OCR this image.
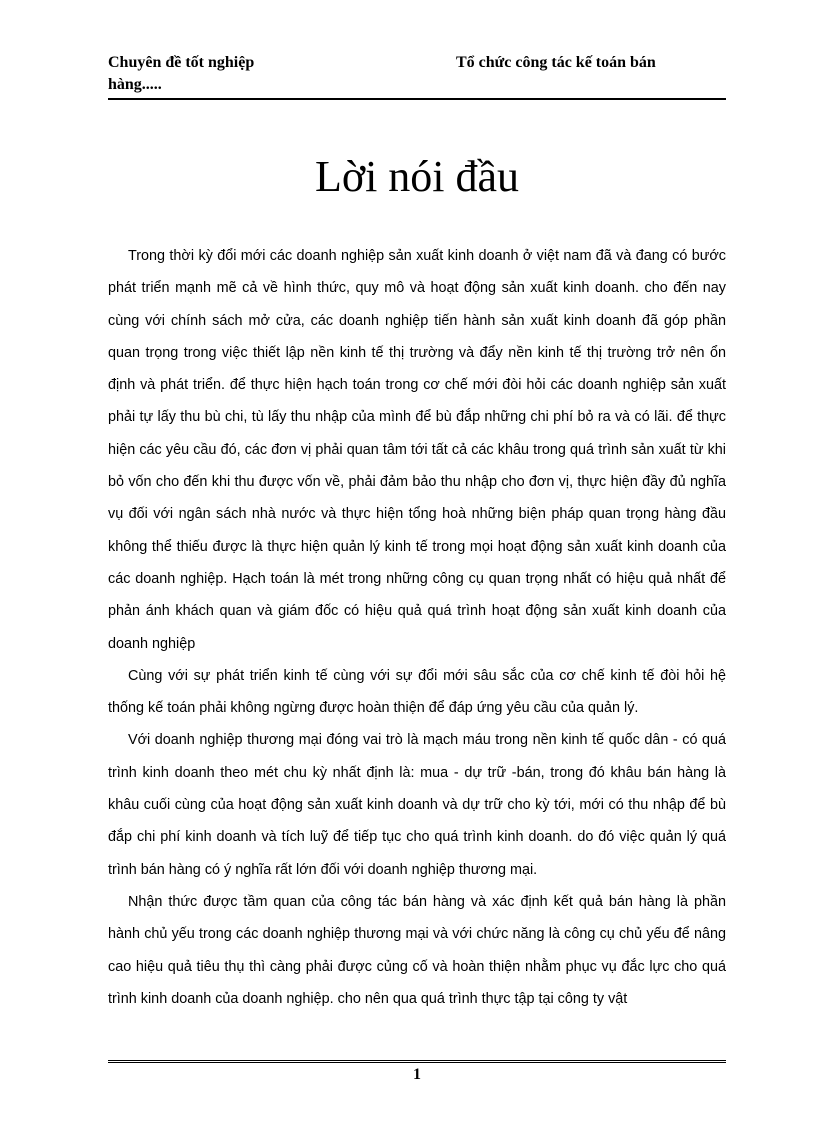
Chuyên đề tốt nghiệp	Tổ chức công tác kế toán bán
hàng.....
Lời nói đầu

Trong thời kỳ đổi mới các doanh nghiệp sản xuất kinh doanh ở việt nam đã và đang có bước phát triển mạnh mẽ cả về hình thức, quy mô và hoạt động sản xuất kinh doanh. cho đến nay cùng với chính sách mở cửa, các doanh nghiệp tiến hành sản xuất kinh doanh đã góp phần quan trọng trong việc thiết lập nền kinh tế thị trường và đẩy nền kinh tế thị trường trở nên ổn định và phát triển. để thực hiện hạch toán trong cơ chế mới đòi hỏi các doanh nghiệp sản xuất phải tự lấy thu bù chi, tù lấy thu nhập của mình để bù đắp những chi phí bỏ ra và có lãi. để thực hiện các yêu cầu đó, các đơn vị phải quan tâm tới tất cả các khâu trong quá trình sản xuất từ khi bỏ vốn cho đến khi thu được vốn về, phải đảm bảo thu nhập cho đơn vị, thực hiện đầy đủ nghĩa vụ đối với ngân sách nhà nước và thực hiện tổng hoà những biện pháp quan trọng hàng đầu không thể thiếu được là thực hiện quản lý kinh tế trong mọi hoạt động sản xuất kinh doanh của các doanh nghiệp. Hạch toán là mét trong những công cụ quan trọng nhất có hiệu quả nhất để phản ánh khách quan và giám đốc có hiệu quả quá trình hoạt động sản xuất kinh doanh của doanh nghiệp

Cùng với sự phát triển kinh tế cùng với sự đổi mới sâu sắc của cơ chế kinh tế đòi hỏi hệ thống kế toán phải không ngừng được hoàn thiện để đáp ứng yêu cầu của quản lý.

Với doanh nghiệp thương mại đóng vai trò là mạch máu trong nền kinh tế quốc dân - có quá trình kinh doanh theo mét chu kỳ nhất định là: mua - dự trữ -bán, trong đó khâu bán hàng là khâu cuối cùng của hoạt động sản xuất kinh doanh và dự trữ cho kỳ tới, mới có thu nhập để bù đắp chi phí kinh doanh và tích luỹ để tiếp tục cho quá trình kinh doanh. do đó việc quản lý quá trình bán hàng có ý nghĩa rất lớn đối với doanh nghiệp thương mại.

Nhận thức được tầm quan của công tác bán hàng và xác định kết quả bán hàng là phần hành chủ yếu trong các doanh nghiệp thương mại và với chức năng là công cụ chủ yếu để nâng cao hiệu quả tiêu thụ thì càng phải được củng cố và hoàn thiện nhằm phục vụ đắc lực cho quá trình kinh doanh của doanh nghiệp. cho nên qua quá trình thực tập tại công ty vật

1
